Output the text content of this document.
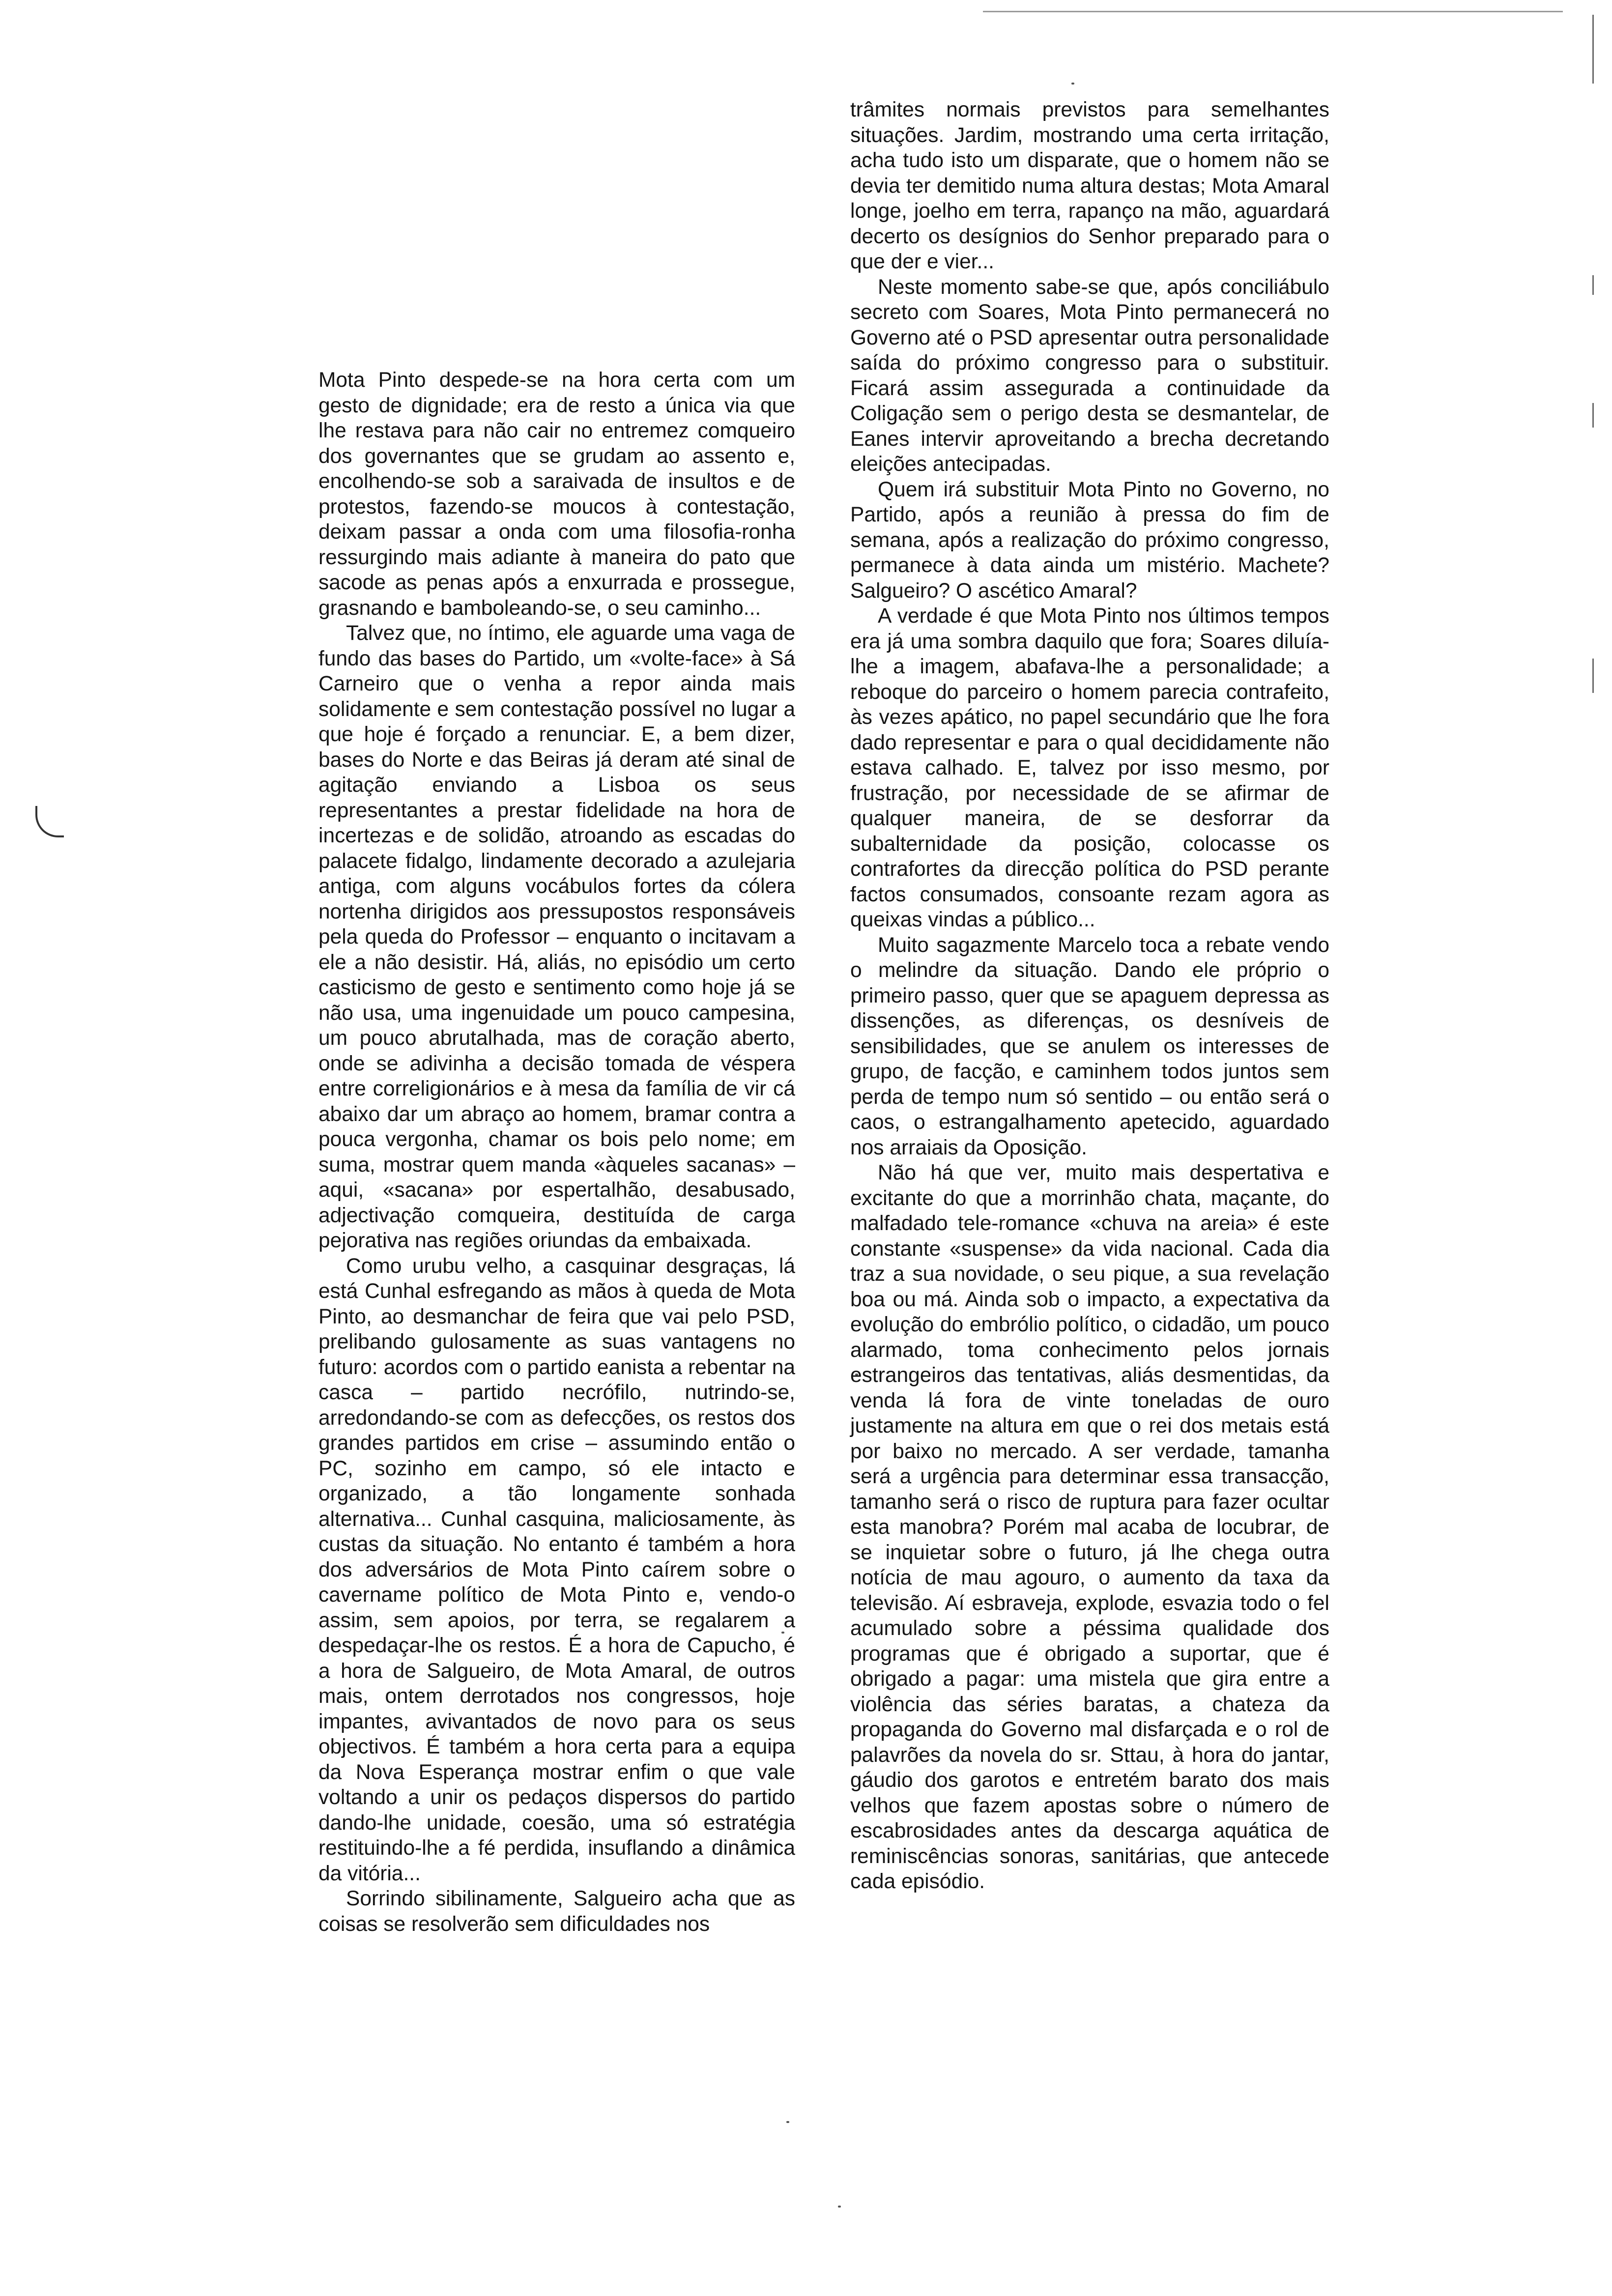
Mota Pinto despede-se na hora certa com um gesto de dignidade; era de resto a única via que lhe restava para não cair no entremez comqueiro dos governantes que se grudam ao assento e, encolhendo-se sob a saraivada de insultos e de protestos, fazendo-se moucos à contestação, deixam passar a onda com uma filosofia-ronha ressurgindo mais adiante à maneira do pato que sacode as penas após a enxurrada e prossegue, grasnando e bamboleando-se, o seu caminho...

Talvez que, no íntimo, ele aguarde uma vaga de fundo das bases do Partido, um «volte-face» à Sá Carneiro que o venha a repor ainda mais solidamente e sem contestação possível no lugar a que hoje é forçado a renunciar. E, a bem dizer, bases do Norte e das Beiras já deram até sinal de agitação enviando a Lisboa os seus representantes a prestar fidelidade na hora de incertezas e de solidão, atroando as escadas do palacete fidalgo, lindamente decorado a azulejaria antiga, com alguns vocábulos fortes da cólera nortenha dirigidos aos pressupostos responsáveis pela queda do Professor – enquanto o incitavam a ele a não desistir. Há, aliás, no episódio um certo casticismo de gesto e sentimento como hoje já se não usa, uma ingenuidade um pouco campesina, um pouco abrutalhada, mas de coração aberto, onde se adivinha a decisão tomada de véspera entre correligionários e à mesa da família de vir cá abaixo dar um abraço ao homem, bramar contra a pouca vergonha, chamar os bois pelo nome; em suma, mostrar quem manda «àqueles sacanas» – aqui, «sacana» por espertalhão, desabusado, adjectivação comqueira, destituída de carga pejorativa nas regiões oriundas da embaixada.

Como urubu velho, a casquinar desgraças, lá está Cunhal esfregando as mãos à queda de Mota Pinto, ao desmanchar de feira que vai pelo PSD, prelibando gulosamente as suas vantagens no futuro: acordos com o partido eanista a rebentar na casca – partido necrófilo, nutrindo-se, arredondando-se com as defecções, os restos dos grandes partidos em crise – assumindo então o PC, sozinho em campo, só ele intacto e organizado, a tão longamente sonhada alternativa... Cunhal casquina, maliciosamente, às custas da situação. No entanto é também a hora dos adversários de Mota Pinto caírem sobre o cavername político de Mota Pinto e, vendo-o assim, sem apoios, por terra, se regalarem a despedaçar-lhe os restos. É a hora de Capucho, é a hora de Salgueiro, de Mota Amaral, de outros mais, ontem derrotados nos congressos, hoje impantes, avivantados de novo para os seus objectivos. É também a hora certa para a equipa da Nova Esperança mostrar enfim o que vale voltando a unir os pedaços dispersos do partido dando-lhe unidade, coesão, uma só estratégia restituindo-lhe a fé perdida, insuflando a dinâmica da vitória...

Sorrindo sibilinamente, Salgueiro acha que as coisas se resolverão sem dificuldades nos

trâmites normais previstos para semelhantes situações. Jardim, mostrando uma certa irritação, acha tudo isto um disparate, que o homem não se devia ter demitido numa altura destas; Mota Amaral longe, joelho em terra, rapanço na mão, aguardará decerto os desígnios do Senhor preparado para o que der e vier...

Neste momento sabe-se que, após conciliábulo secreto com Soares, Mota Pinto permanecerá no Governo até o PSD apresentar outra personalidade saída do próximo congresso para o substituir. Ficará assim assegurada a continuidade da Coligação sem o perigo desta se desmantelar, de Eanes intervir aproveitando a brecha decretando eleições antecipadas.

Quem irá substituir Mota Pinto no Governo, no Partido, após a reunião à pressa do fim de semana, após a realização do próximo congresso, permanece à data ainda um mistério. Machete? Salgueiro? O ascético Amaral?

A verdade é que Mota Pinto nos últimos tempos era já uma sombra daquilo que fora; Soares diluía-lhe a imagem, abafava-lhe a personalidade; a reboque do parceiro o homem parecia contrafeito, às vezes apático, no papel secundário que lhe fora dado representar e para o qual decididamente não estava calhado. E, talvez por isso mesmo, por frustração, por necessidade de se afirmar de qualquer maneira, de se desforrar da subalternidade da posição, colocasse os contrafortes da direcção política do PSD perante factos consumados, consoante rezam agora as queixas vindas a público...

Muito sagazmente Marcelo toca a rebate vendo o melindre da situação. Dando ele próprio o primeiro passo, quer que se apaguem depressa as dissenções, as diferenças, os desníveis de sensibilidades, que se anulem os interesses de grupo, de facção, e caminhem todos juntos sem perda de tempo num só sentido – ou então será o caos, o estrangalhamento apetecido, aguardado nos arraiais da Oposição.

Não há que ver, muito mais despertativa e excitante do que a morrinhão chata, maçante, do malfadado tele-romance «chuva na areia» é este constante «suspense» da vida nacional. Cada dia traz a sua novidade, o seu pique, a sua revelação boa ou má. Ainda sob o impacto, a expectativa da evolução do embrólio político, o cidadão, um pouco alarmado, toma conhecimento pelos jornais estrangeiros das tentativas, aliás desmentidas, da venda lá fora de vinte toneladas de ouro justamente na altura em que o rei dos metais está por baixo no mercado. A ser verdade, tamanha será a urgência para determinar essa transacção, tamanho será o risco de ruptura para fazer ocultar esta manobra? Porém mal acaba de locubrar, de se inquietar sobre o futuro, já lhe chega outra notícia de mau agouro, o aumento da taxa da televisão. Aí esbraveja, explode, esvazia todo o fel acumulado sobre a péssima qualidade dos programas que é obrigado a suportar, que é obrigado a pagar: uma mistela que gira entre a violência das séries baratas, a chateza da propaganda do Governo mal disfarçada e o rol de palavrões da novela do sr. Sttau, à hora do jantar, gáudio dos garotos e entretém barato dos mais velhos que fazem apostas sobre o número de escabrosidades antes da descarga aquática de reminiscências sonoras, sanitárias, que antecede cada episódio.
